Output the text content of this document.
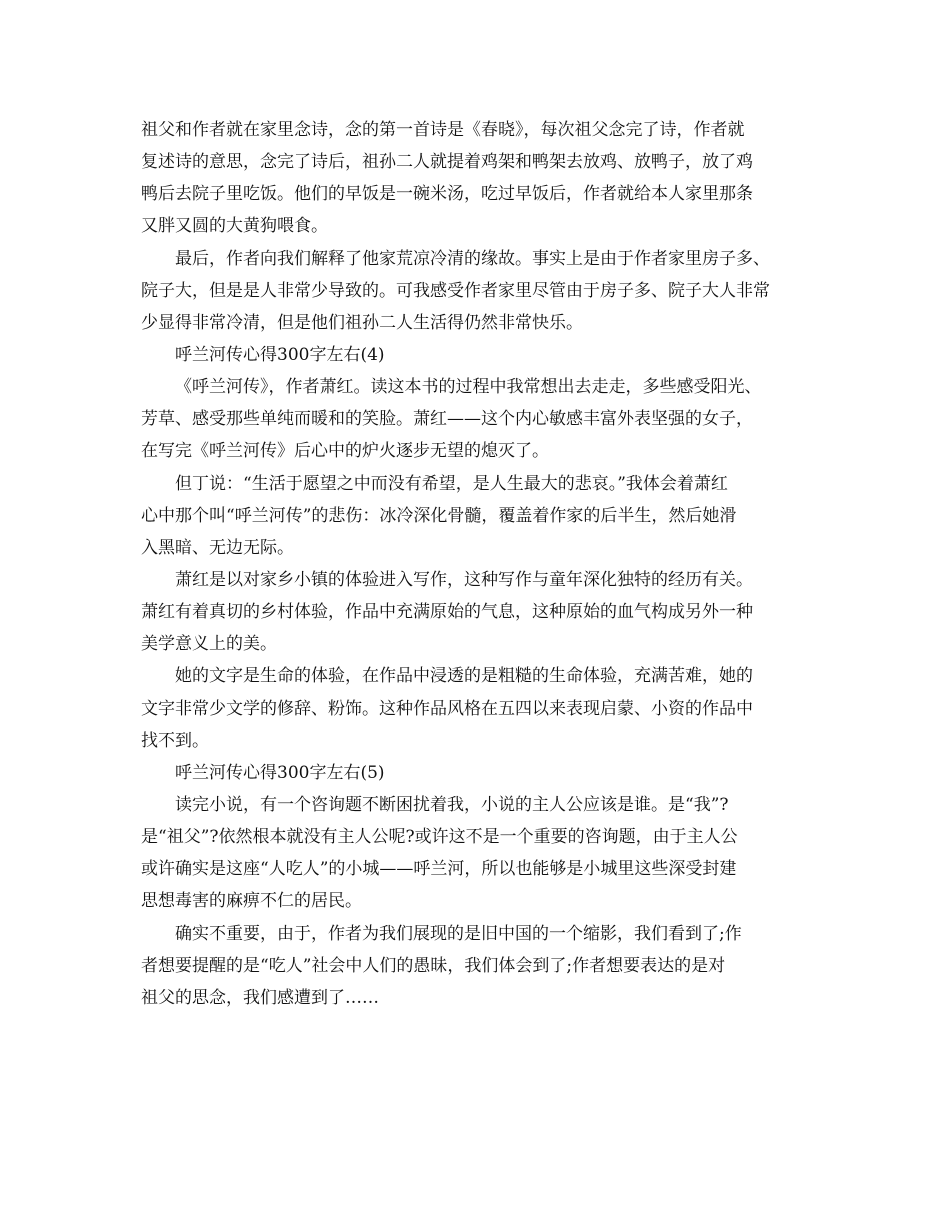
祖父和作者就在家里念诗，念的第一首诗是《春晓》，每次祖父念完了诗，作者就
复述诗的意思，念完了诗后，祖孙二人就提着鸡架和鸭架去放鸡、放鸭子，放了鸡
鸭后去院子里吃饭。他们的早饭是一碗米汤，吃过早饭后，作者就给本人家里那条
又胖又圆的大黄狗喂食。
最后，作者向我们解释了他家荒凉冷清的缘故。事实上是由于作者家里房子多、
院子大，但是是人非常少导致的。可我感受作者家里尽管由于房子多、院子大人非常
少显得非常冷清，但是他们祖孙二人生活得仍然非常快乐。
呼兰河传心得300字左右(4)
《呼兰河传》，作者萧红。读这本书的过程中我常想出去走走，多些感受阳光、
芳草、感受那些单纯而暖和的笑脸。萧红——这个内心敏感丰富外表坚强的女子，
在写完《呼兰河传》后心中的炉火逐步无望的熄灭了。
但丁说：“生活于愿望之中而没有希望，是人生最大的悲哀。”我体会着萧红
心中那个叫“呼兰河传”的悲伤：冰冷深化骨髓，覆盖着作家的后半生，然后她滑
入黑暗、无边无际。
萧红是以对家乡小镇的体验进入写作，这种写作与童年深化独特的经历有关。
萧红有着真切的乡村体验，作品中充满原始的气息，这种原始的血气构成另外一种
美学意义上的美。
她的文字是生命的体验，在作品中浸透的是粗糙的生命体验，充满苦难，她的
文字非常少文学的修辞、粉饰。这种作品风格在五四以来表现启蒙、小资的作品中
找不到。
呼兰河传心得300字左右(5)
读完小说，有一个咨询题不断困扰着我，小说的主人公应该是谁。是“我”?
是“祖父”?依然根本就没有主人公呢?或许这不是一个重要的咨询题，由于主人公
或许确实是这座“人吃人”的小城——呼兰河，所以也能够是小城里这些深受封建
思想毒害的麻痹不仁的居民。
确实不重要，由于，作者为我们展现的是旧中国的一个缩影，我们看到了;作
者想要提醒的是“吃人”社会中人们的愚昧，我们体会到了;作者想要表达的是对
祖父的思念，我们感遭到了……
